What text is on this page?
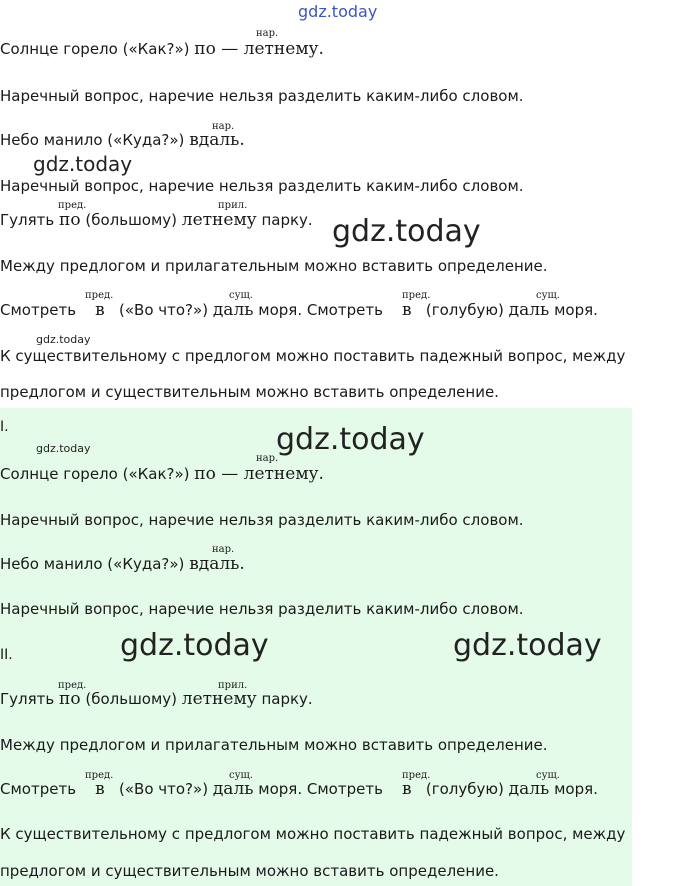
gdz.today
gdz.today
gdz.today
gdz.today
gdz.today	gdz.today
gdz.today	gdz.today
нар.
Солнце горело («Как?») по — летнему.
Наречный вопрос, наречие нельзя разделить каким-либо словом.
нар.
Небо манило («Куда?») вдаль.
Наречный вопрос, наречие нельзя разделить каким-либо словом.
пред.	прил.
Гулять по (большому) летнему парку.
Между предлогом и прилагательным можно вставить определение.
пред.	сущ.	пред.	сущ.
Смотреть в («Во что?») даль моря. Смотреть в (голубую) даль моря.
К существительному с предлогом можно поставить падежный вопрос, между
предлогом и существительным можно вставить определение.
I.
нар.
Солнце горело («Как?») по — летнему.
Наречный вопрос, наречие нельзя разделить каким-либо словом.
нар.
Небо манило («Куда?») вдаль.
Наречный вопрос, наречие нельзя разделить каким-либо словом.
II.
пред.	прил.
Гулять по (большому) летнему парку.
Между предлогом и прилагательным можно вставить определение.
пред.	сущ.	пред.	сущ.
Смотреть в («Во что?») даль моря. Смотреть в (голубую) даль моря.
К существительному с предлогом можно поставить падежный вопрос, между
предлогом и существительным можно вставить определение.
